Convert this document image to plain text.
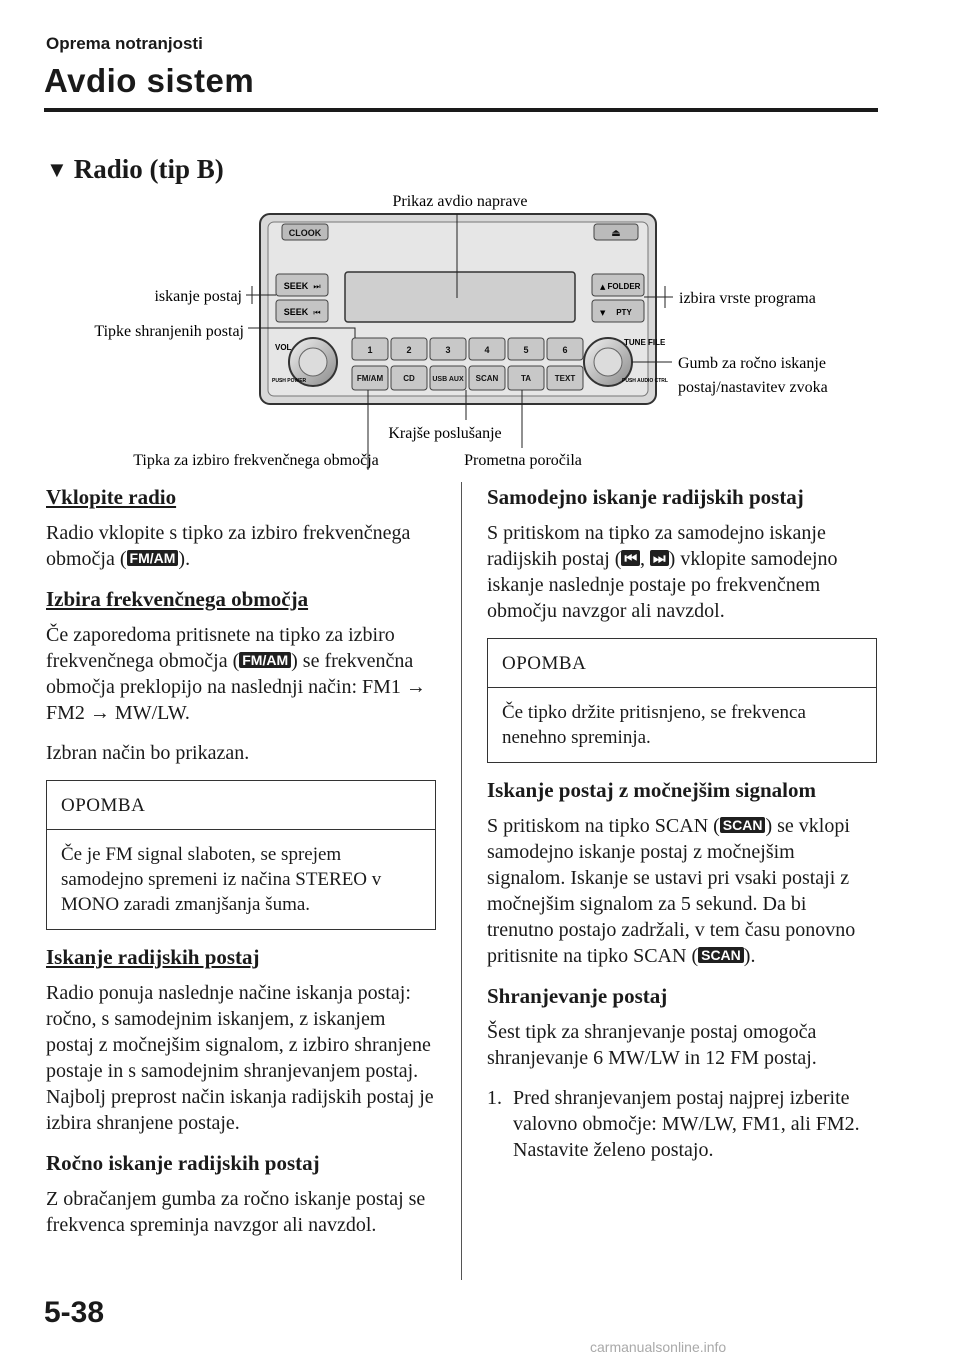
Oprema notranjosti
Avdio sistem
▼ Radio (tip B)
CLOOK	⏏
SEEK ⏭
SEEK ⏮
▲ FOLDER
▼ PTY
1	2	3	4	5	6
FM/AM	CD	USB AUX SCAN	TA	TEXT
VOL
PUSH POWER
TUNE FILE
PUSH AUDIO CTRL
Prikaz avdio naprave
iskanje postaj
Tipke shranjenih postaj
izbira vrste programa
Gumb za ročno iskanje
postaj/nastavitev zvoka
Krajše poslušanje
Tipka za izbiro frekvenčnega območja	Prometna poročila
Vklopite radio

Radio vklopite s tipko za izbiro frekvenčnega območja ( FM/AM ).

Izbira frekvenčnega območja

Če zaporedoma pritisnete na tipko za izbiro frekvenčnega območja ( FM/AM ) se frekvenčna območja preklopijo na naslednji način: FM1 → FM2 → MW/LW.

Izbran način bo prikazan.

OPOMBA
Če je FM signal slaboten, se sprejem samodejno spremeni iz načina STEREO v MONO zaradi zmanjšanja šuma.
Iskanje radijskih postaj

Radio ponuja naslednje načine iskanja postaj: ročno, s samodejnim iskanjem, z iskanjem postaj z močnejšim signalom, z izbiro shranjene postaje in s samodejnim shranjevanjem postaj. Najbolj preprost način iskanja radijskih postaj je izbira shranjene postaje.

Ročno iskanje radijskih postaj

Z obračanjem gumba za ročno iskanje postaj se frekvenca spreminja navzgor ali navzdol.

Samodejno iskanje radijskih postaj

S pritiskom na tipko za samodejno iskanje radijskih postaj ( ⏮ , ⏭ ) vklopite samodejno iskanje naslednje postaje po frekvenčnem območju navzgor ali navzdol.

OPOMBA
Če tipko držite pritisnjeno, se frekvenca nenehno spreminja.
Iskanje postaj z močnejšim signalom

S pritiskom na tipko SCAN ( SCAN ) se vklopi samodejno iskanje postaj z močnejšim signalom. Iskanje se ustavi pri vsaki postaji z močnejšim signalom za 5 sekund. Da bi trenutno postajo zadržali, v tem času ponovno pritisnite na tipko SCAN ( SCAN ).

Shranjevanje postaj

Šest tipk za shranjevanje postaj omogoča shranjevanje 6 MW/LW in 12 FM postaj.

1. Pred shranjevanjem postaj najprej izberite valovno območje: MW/LW, FM1, ali FM2. Nastavite želeno postajo.
5-38
carmanualsonline.info
